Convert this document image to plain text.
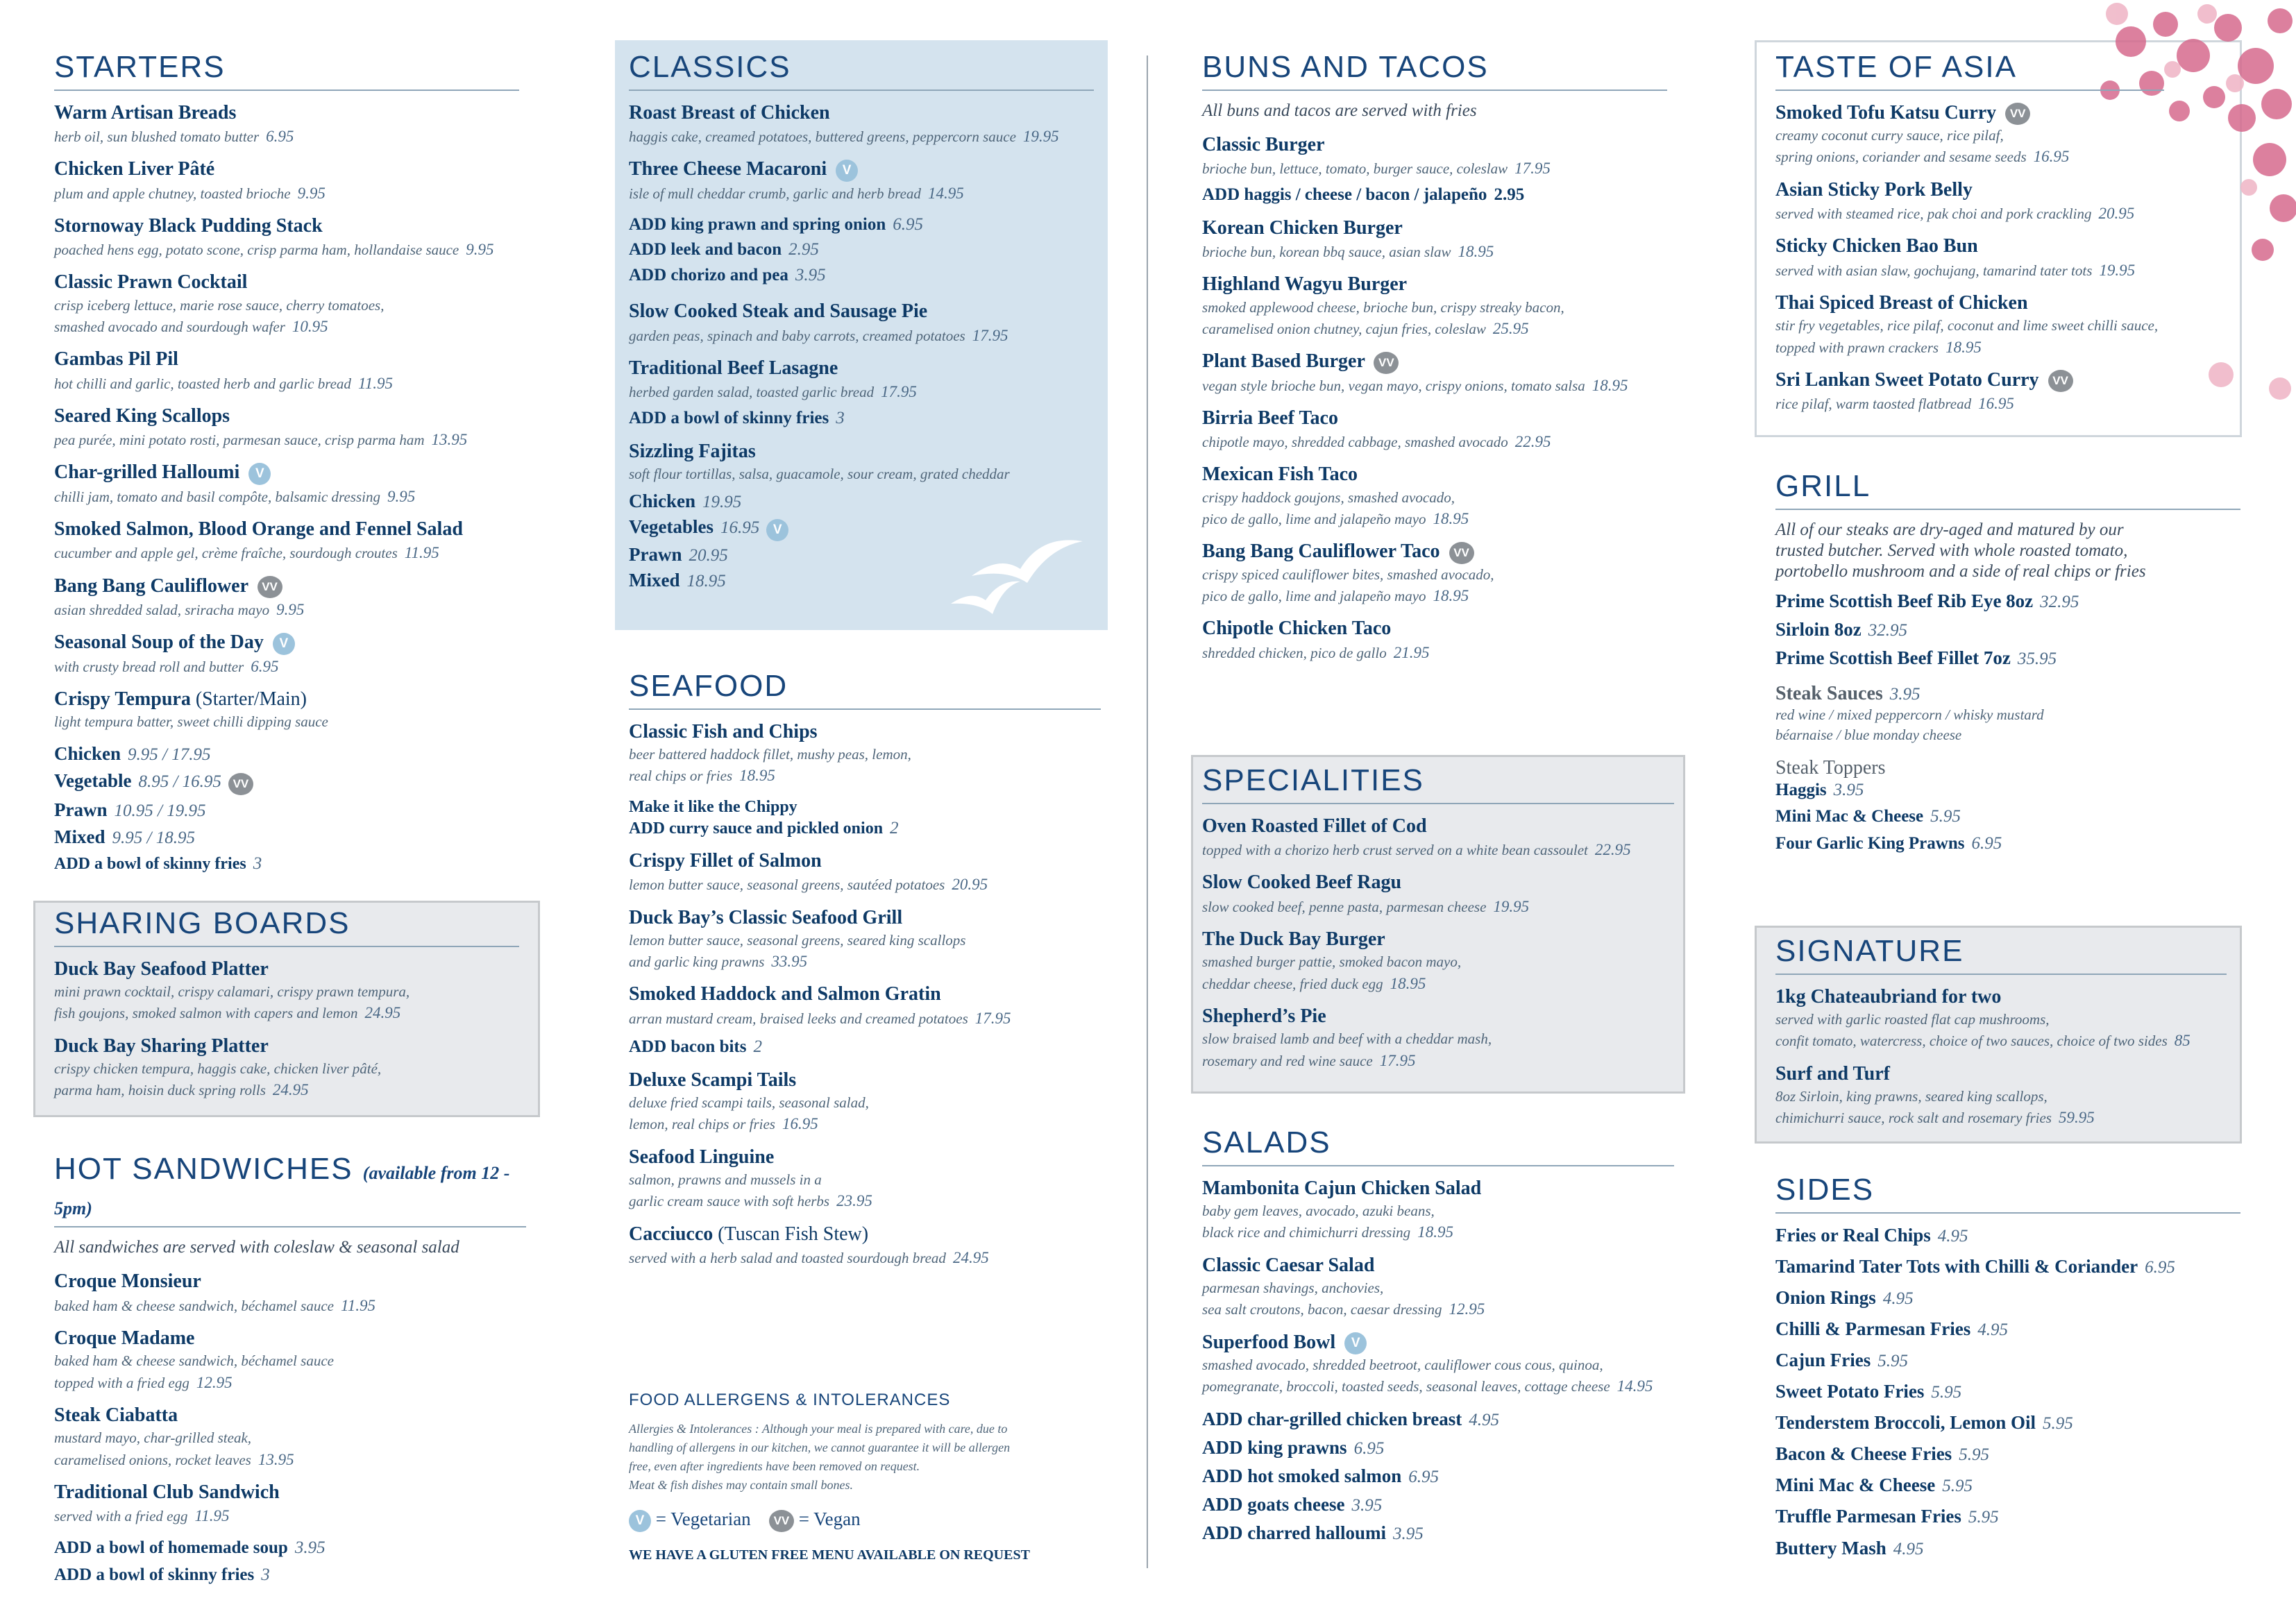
STARTERS
Warm Artisan Breads
herb oil, sun blushed tomato butter 6.95
Chicken Liver Pâté
plum and apple chutney, toasted brioche 9.95
Stornoway Black Pudding Stack
poached hens egg, potato scone, crisp parma ham, hollandaise sauce 9.95
Classic Prawn Cocktail
crisp iceberg lettuce, marie rose sauce, cherry tomatoes,
smashed avocado and sourdough wafer 10.95
Gambas Pil Pil
hot chilli and garlic, toasted herb and garlic bread 11.95
Seared King Scallops
pea purée, mini potato rosti, parmesan sauce, crisp parma ham 13.95
Char-grilled Halloumi V
chilli jam, tomato and basil compôte, balsamic dressing 9.95
Smoked Salmon, Blood Orange and Fennel Salad
cucumber and apple gel, crème fraîche, sourdough croutes 11.95
Bang Bang Cauliflower VV
asian shredded salad, sriracha mayo 9.95
Seasonal Soup of the Day V
with crusty bread roll and butter 6.95
Crispy Tempura (Starter/Main)
light tempura batter, sweet chilli dipping sauce
Chicken 9.95 / 17.95
Vegetable 8.95 / 16.95 VV
Prawn 10.95 / 19.95
Mixed 9.95 / 18.95
ADD a bowl of skinny fries 3
SHARING BOARDS
Duck Bay Seafood Platter
mini prawn cocktail, crispy calamari, crispy prawn tempura,
fish goujons, smoked salmon with capers and lemon 24.95
Duck Bay Sharing Platter
crispy chicken tempura, haggis cake, chicken liver pâté,
parma ham, hoisin duck spring rolls 24.95
HOT SANDWICHES (available from 12 - 5pm)
All sandwiches are served with coleslaw & seasonal salad
Croque Monsieur
baked ham & cheese sandwich, béchamel sauce 11.95
Croque Madame
baked ham & cheese sandwich, béchamel sauce
topped with a fried egg 12.95
Steak Ciabatta
mustard mayo, char-grilled steak,
caramelised onions, rocket leaves 13.95
Traditional Club Sandwich
served with a fried egg 11.95
ADD a bowl of homemade soup 3.95
ADD a bowl of skinny fries 3
CLASSICS
Roast Breast of Chicken
haggis cake, creamed potatoes, buttered greens, peppercorn sauce 19.95
Three Cheese Macaroni V
isle of mull cheddar crumb, garlic and herb bread 14.95
ADD king prawn and spring onion 6.95
ADD leek and bacon 2.95
ADD chorizo and pea 3.95
Slow Cooked Steak and Sausage Pie
garden peas, spinach and baby carrots, creamed potatoes 17.95
Traditional Beef Lasagne
herbed garden salad, toasted garlic bread 17.95
ADD a bowl of skinny fries 3
Sizzling Fajitas
soft flour tortillas, salsa, guacamole, sour cream, grated cheddar
Chicken 19.95
Vegetables 16.95 V
Prawn 20.95
Mixed 18.95
SEAFOOD
Classic Fish and Chips
beer battered haddock fillet, mushy peas, lemon,
real chips or fries 18.95
Make it like the Chippy
ADD curry sauce and pickled onion 2
Crispy Fillet of Salmon
lemon butter sauce, seasonal greens, sautéed potatoes 20.95
Duck Bay’s Classic Seafood Grill
lemon butter sauce, seasonal greens, seared king scallops
and garlic king prawns 33.95
Smoked Haddock and Salmon Gratin
arran mustard cream, braised leeks and creamed potatoes 17.95
ADD bacon bits 2
Deluxe Scampi Tails
deluxe fried scampi tails, seasonal salad,
lemon, real chips or fries 16.95
Seafood Linguine
salmon, prawns and mussels in a
garlic cream sauce with soft herbs 23.95
Cacciucco (Tuscan Fish Stew)
served with a herb salad and toasted sourdough bread 24.95
FOOD ALLERGENS & INTOLERANCES
Allergies & Intolerances : Although your meal is prepared with care, due to
handling of allergens in our kitchen, we cannot guarantee it will be allergen
free, even after ingredients have been removed on request.
Meat & fish dishes may contain small bones.
V = Vegetarian VV = Vegan
WE HAVE A GLUTEN FREE MENU AVAILABLE ON REQUEST
BUNS AND TACOS
All buns and tacos are served with fries
Classic Burger
brioche bun, lettuce, tomato, burger sauce, coleslaw 17.95
ADD haggis / cheese / bacon / jalapeño 2.95
Korean Chicken Burger
brioche bun, korean bbq sauce, asian slaw 18.95
Highland Wagyu Burger
smoked applewood cheese, brioche bun, crispy streaky bacon,
caramelised onion chutney, cajun fries, coleslaw 25.95
Plant Based Burger VV
vegan style brioche bun, vegan mayo, crispy onions, tomato salsa 18.95
Birria Beef Taco
chipotle mayo, shredded cabbage, smashed avocado 22.95
Mexican Fish Taco
crispy haddock goujons, smashed avocado,
pico de gallo, lime and jalapeño mayo 18.95
Bang Bang Cauliflower Taco VV
crispy spiced cauliflower bites, smashed avocado,
pico de gallo, lime and jalapeño mayo 18.95
Chipotle Chicken Taco
shredded chicken, pico de gallo 21.95
SPECIALITIES
Oven Roasted Fillet of Cod
topped with a chorizo herb crust served on a white bean cassoulet 22.95
Slow Cooked Beef Ragu
slow cooked beef, penne pasta, parmesan cheese 19.95
The Duck Bay Burger
smashed burger pattie, smoked bacon mayo,
cheddar cheese, fried duck egg 18.95
Shepherd’s Pie
slow braised lamb and beef with a cheddar mash,
rosemary and red wine sauce 17.95
SALADS
Mambonita Cajun Chicken Salad
baby gem leaves, avocado, azuki beans,
black rice and chimichurri dressing 18.95
Classic Caesar Salad
parmesan shavings, anchovies,
sea salt croutons, bacon, caesar dressing 12.95
Superfood Bowl V
smashed avocado, shredded beetroot, cauliflower cous cous, quinoa,
pomegranate, broccoli, toasted seeds, seasonal leaves, cottage cheese 14.95
ADD char-grilled chicken breast 4.95
ADD king prawns 6.95
ADD hot smoked salmon 6.95
ADD goats cheese 3.95
ADD charred halloumi 3.95
TASTE OF ASIA
Smoked Tofu Katsu Curry VV
creamy coconut curry sauce, rice pilaf,
spring onions, coriander and sesame seeds 16.95
Asian Sticky Pork Belly
served with steamed rice, pak choi and pork crackling 20.95
Sticky Chicken Bao Bun
served with asian slaw, gochujang, tamarind tater tots 19.95
Thai Spiced Breast of Chicken
stir fry vegetables, rice pilaf, coconut and lime sweet chilli sauce,
topped with prawn crackers 18.95
Sri Lankan Sweet Potato Curry VV
rice pilaf, warm taosted flatbread 16.95
GRILL
All of our steaks are dry-aged and matured by our
trusted butcher. Served with whole roasted tomato,
portobello mushroom and a side of real chips or fries
Prime Scottish Beef Rib Eye 8oz 32.95
Sirloin 8oz 32.95
Prime Scottish Beef Fillet 7oz 35.95
Steak Sauces 3.95
red wine / mixed peppercorn / whisky mustard
béarnaise / blue monday cheese
Steak Toppers
Haggis 3.95
Mini Mac & Cheese 5.95
Four Garlic King Prawns 6.95
SIGNATURE
1kg Chateaubriand for two
served with garlic roasted flat cap mushrooms,
confit tomato, watercress, choice of two sauces, choice of two sides 85
Surf and Turf
8oz Sirloin, king prawns, seared king scallops,
chimichurri sauce, rock salt and rosemary fries 59.95
SIDES
Fries or Real Chips 4.95
Tamarind Tater Tots with Chilli & Coriander 6.95
Onion Rings 4.95
Chilli & Parmesan Fries 4.95
Cajun Fries 5.95
Sweet Potato Fries 5.95
Tenderstem Broccoli, Lemon Oil 5.95
Bacon & Cheese Fries 5.95
Mini Mac & Cheese 5.95
Truffle Parmesan Fries 5.95
Buttery Mash 4.95
